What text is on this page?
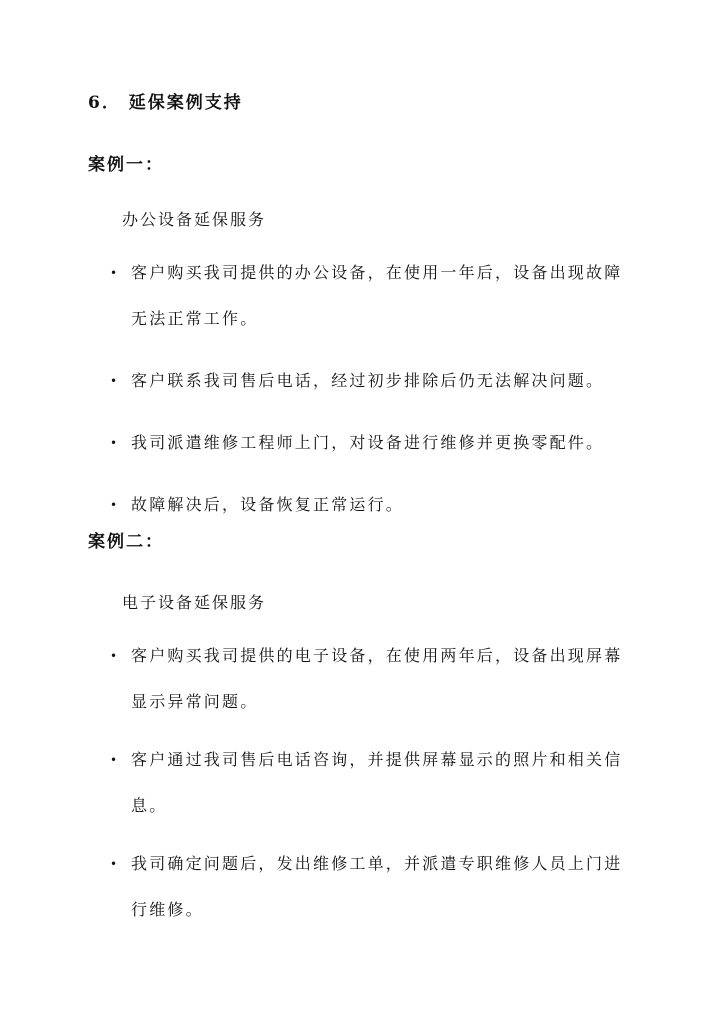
6． 延保案例支持
案例一：

办公设备延保服务

• 客户购买我司提供的办公设备，在使用一年后，设备出现故障无法正常工作。
• 客户联系我司售后电话，经过初步排除后仍无法解决问题。
• 我司派遣维修工程师上门，对设备进行维修并更换零配件。
• 故障解决后，设备恢复正常运行。
案例二：

电子设备延保服务

• 客户购买我司提供的电子设备，在使用两年后，设备出现屏幕显示异常问题。
• 客户通过我司售后电话咨询，并提供屏幕显示的照片和相关信息。
• 我司确定问题后，发出维修工单，并派遣专职维修人员上门进行维修。
